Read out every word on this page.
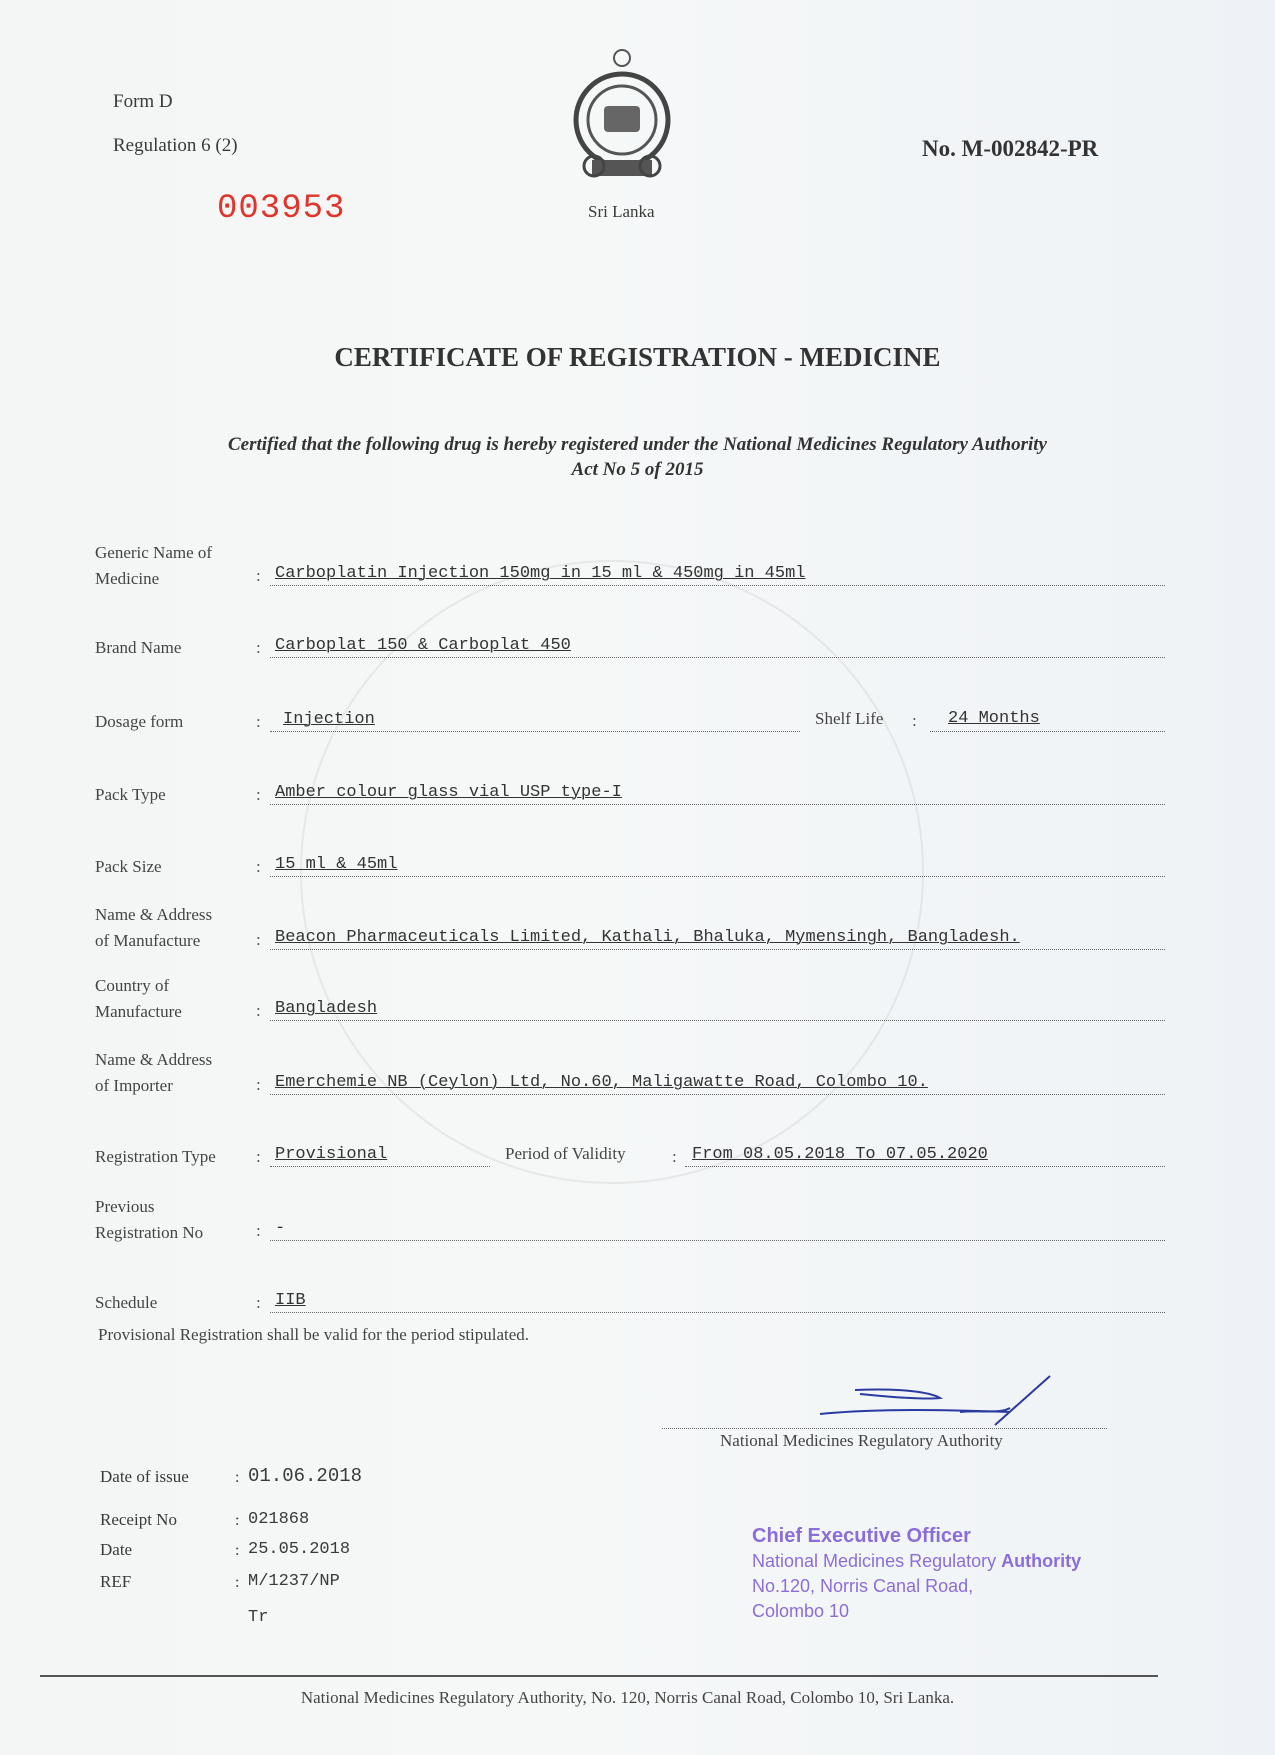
Form D
Regulation 6 (2)
003953	Sri Lanka
No. M-002842-PR
CERTIFICATE OF REGISTRATION - MEDICINE
Certified that the following drug is hereby registered under the National Medicines Regulatory Authority
Act No 5 of 2015
Generic Name of
Medicine	: Carboplatin Injection 150mg in 15 ml & 450mg in 45ml
Brand Name	: Carboplat 150 & Carboplat 450
Dosage form	: Injection	Shelf Life : 24 Months
Pack Type	: Amber colour glass vial USP type-I
Pack Size	: 15 ml & 45ml
Name & Address
of Manufacture	: Beacon Pharmaceuticals Limited, Kathali, Bhaluka, Mymensingh, Bangladesh.
Country of
Manufacture	: Bangladesh
Name & Address
of Importer	: Emerchemie NB (Ceylon) Ltd, No.60, Maligawatte Road, Colombo 10.
Registration Type : Provisional	Period of Validity	: From 08.05.2018 To 07.05.2020
Previous
Registration No	: -
Schedule	: IIB
Provisional Registration shall be valid for the period stipulated.
National Medicines Regulatory Authority
Date of issue	: 01.06.2018
Receipt No	: 021868
Date	: 25.05.2018
REF	: M/1237/NP
Tr
Chief Executive Officer
National Medicines Regulatory Authority
No.120, Norris Canal Road,
Colombo 10
National Medicines Regulatory Authority, No. 120, Norris Canal Road, Colombo 10, Sri Lanka.
